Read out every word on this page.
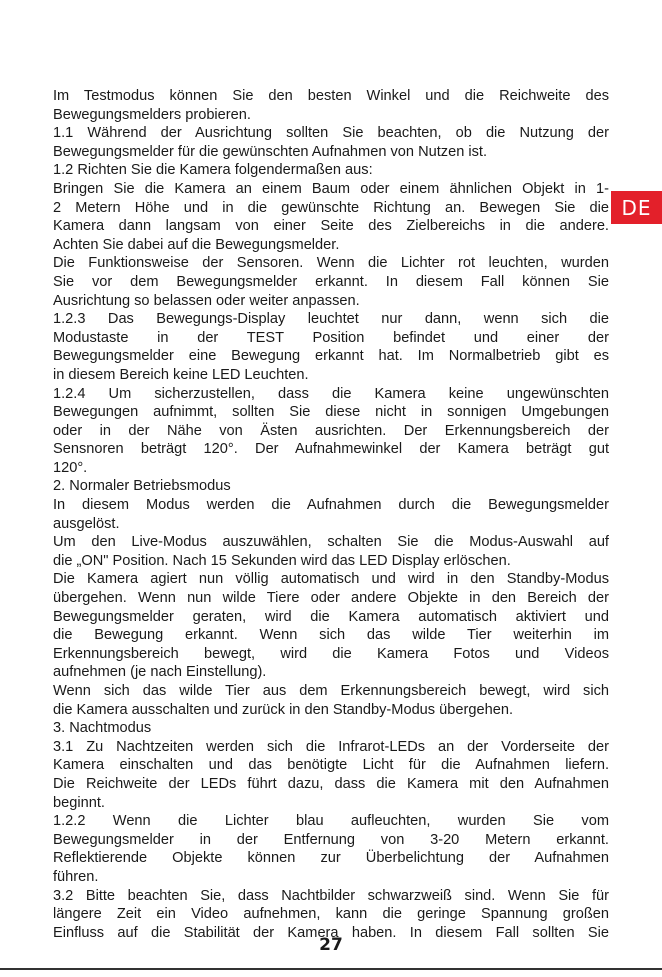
Im Testmodus können Sie den besten Winkel und die Reichweite des
Bewegungsmelders probieren.
1.1 Während der Ausrichtung sollten Sie beachten, ob die Nutzung der
Bewegungsmelder für die gewünschten Aufnahmen von Nutzen ist.
1.2 Richten Sie die Kamera folgendermaßen aus:
Bringen Sie die Kamera an einem Baum oder einem ähnlichen Objekt in 1-
2 Metern Höhe und in die gewünschte Richtung an. Bewegen Sie die
Kamera dann langsam von einer Seite des Zielbereichs in die andere.
Achten Sie dabei auf die Bewegungsmelder.
Die Funktionsweise der Sensoren. Wenn die Lichter rot leuchten, wurden
Sie vor dem Bewegungsmelder erkannt. In diesem Fall können Sie
Ausrichtung so belassen oder weiter anpassen.
1.2.3 Das Bewegungs-Display leuchtet nur dann, wenn sich die
Modustaste in der TEST Position befindet und einer der
Bewegungsmelder eine Bewegung erkannt hat. Im Normalbetrieb gibt es
in diesem Bereich keine LED Leuchten.
1.2.4 Um sicherzustellen, dass die Kamera keine ungewünschten
Bewegungen aufnimmt, sollten Sie diese nicht in sonnigen Umgebungen
oder in der Nähe von Ästen ausrichten. Der Erkennungsbereich der
Sensnoren beträgt 120°. Der Aufnahmewinkel der Kamera beträgt gut
120°.
2. Normaler Betriebsmodus
In diesem Modus werden die Aufnahmen durch die Bewegungsmelder
ausgelöst.
Um den Live-Modus auszuwählen, schalten Sie die Modus-Auswahl auf
die „ON" Position. Nach 15 Sekunden wird das LED Display erlöschen.
Die Kamera agiert nun völlig automatisch und wird in den Standby-Modus
übergehen. Wenn nun wilde Tiere oder andere Objekte in den Bereich der
Bewegungsmelder geraten, wird die Kamera automatisch aktiviert und
die Bewegung erkannt. Wenn sich das wilde Tier weiterhin im
Erkennungsbereich bewegt, wird die Kamera Fotos und Videos
aufnehmen (je nach Einstellung).
Wenn sich das wilde Tier aus dem Erkennungsbereich bewegt, wird sich
die Kamera ausschalten und zurück in den Standby-Modus übergehen.
3. Nachtmodus
3.1 Zu Nachtzeiten werden sich die Infrarot-LEDs an der Vorderseite der
Kamera einschalten und das benötigte Licht für die Aufnahmen liefern.
Die Reichweite der LEDs führt dazu, dass die Kamera mit den Aufnahmen
beginnt.
1.2.2 Wenn die Lichter blau aufleuchten, wurden Sie vom
Bewegungsmelder in der Entfernung von 3-20 Metern erkannt.
Reflektierende Objekte können zur Überbelichtung der Aufnahmen
führen.
3.2 Bitte beachten Sie, dass Nachtbilder schwarzweiß sind. Wenn Sie für
längere Zeit ein Video aufnehmen, kann die geringe Spannung großen
Einfluss auf die Stabilität der Kamera haben. In diesem Fall sollten Sie
DE
27
